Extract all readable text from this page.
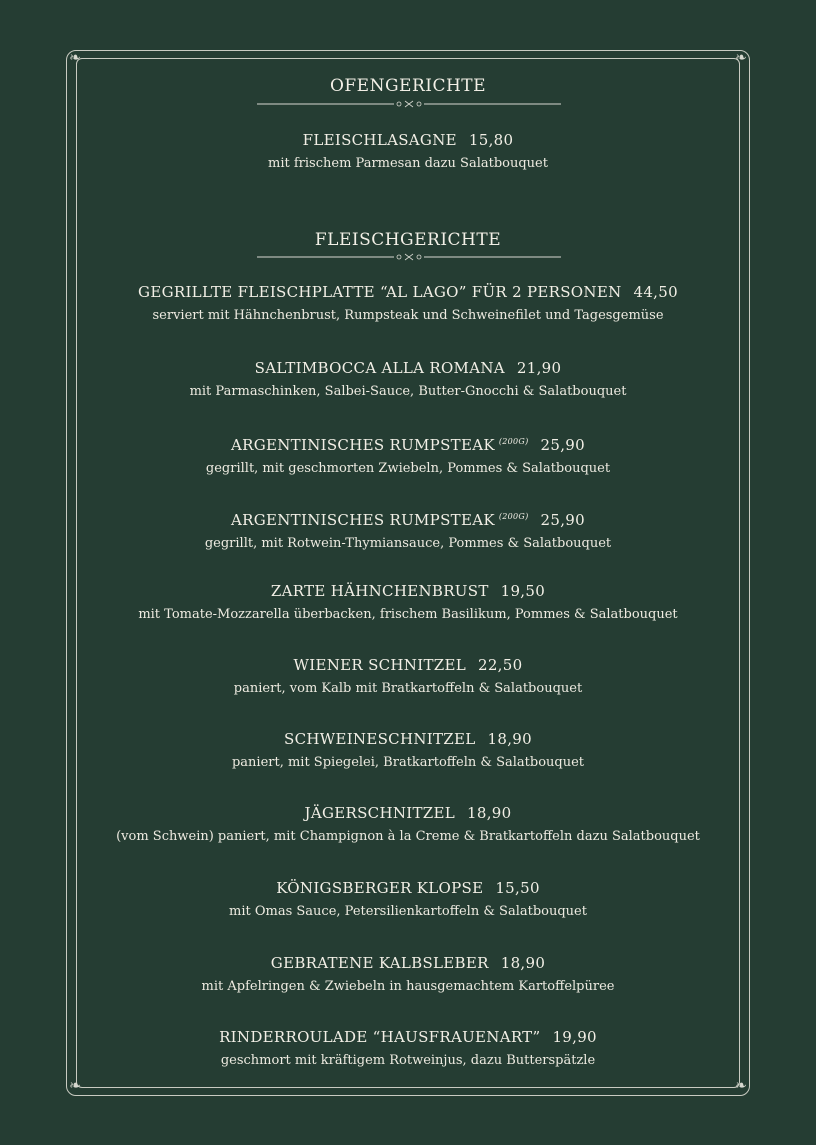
❧	❧
❧	❧
OFENGERICHTE
FLEISCHLASAGNE 15,80
mit frischem Parmesan dazu Salatbouquet
FLEISCHGERICHTE
GEGRILLTE FLEISCHPLATTE “AL LAGO” FÜR 2 PERSONEN 44,50
serviert mit Hähnchenbrust, Rumpsteak und Schweinefilet und Tagesgemüse
SALTIMBOCCA ALLA ROMANA 21,90
mit Parmaschinken, Salbei-Sauce, Butter-Gnocchi & Salatbouquet
ARGENTINISCHES RUMPSTEAK $^{(200G)}$ 25,90
gegrillt, mit geschmorten Zwiebeln, Pommes & Salatbouquet
ARGENTINISCHES RUMPSTEAK $^{(200G)}$ 25,90
gegrillt, mit Rotwein-Thymiansauce, Pommes & Salatbouquet
ZARTE HÄHNCHENBRUST 19,50
mit Tomate-Mozzarella überbacken, frischem Basilikum, Pommes & Salatbouquet
WIENER SCHNITZEL 22,50
paniert, vom Kalb mit Bratkartoffeln & Salatbouquet
SCHWEINESCHNITZEL 18,90
paniert, mit Spiegelei, Bratkartoffeln & Salatbouquet
JÄGERSCHNITZEL 18,90
(vom Schwein) paniert, mit Champignon à la Creme & Bratkartoffeln dazu Salatbouquet
KÖNIGSBERGER KLOPSE 15,50
mit Omas Sauce, Petersilienkartoffeln & Salatbouquet
GEBRATENE KALBSLEBER 18,90
mit Apfelringen & Zwiebeln in hausgemachtem Kartoffelpüree
RINDERROULADE “HAUSFRAUENART” 19,90
geschmort mit kräftigem Rotweinjus, dazu Butterspätzle
